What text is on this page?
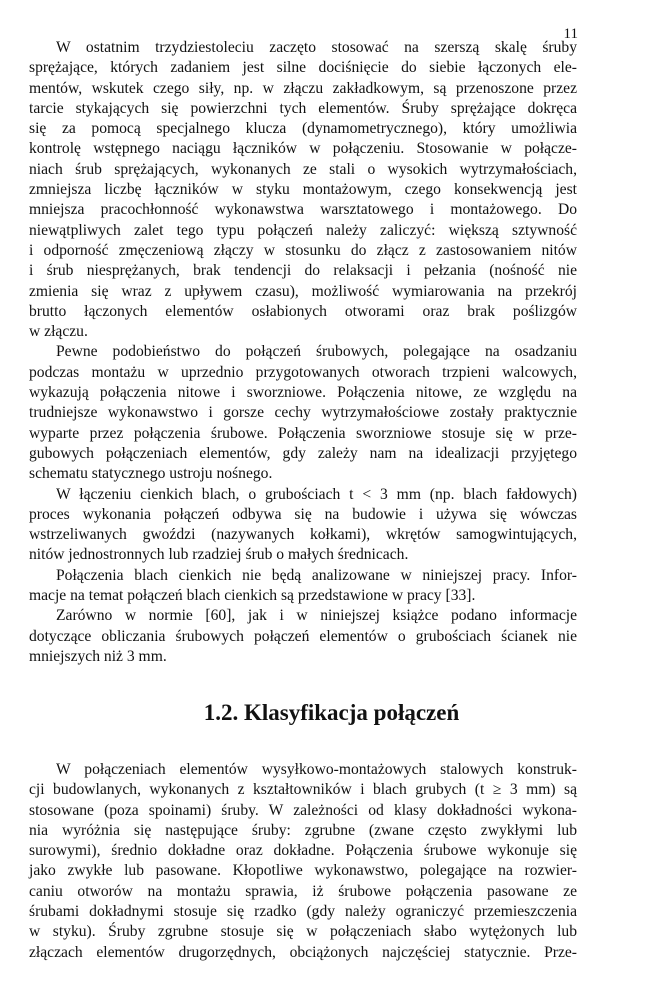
11
W ostatnim trzydziestoleciu zaczęto stosować na szerszą skalę śruby
sprężające, których zadaniem jest silne dociśnięcie do siebie łączonych ele-
mentów, wskutek czego siły, np. w złączu zakładkowym, są przenoszone przez
tarcie stykających się powierzchni tych elementów. Śruby sprężające dokręca
się za pomocą specjalnego klucza (dynamometrycznego), który umożliwia
kontrolę wstępnego naciągu łączników w połączeniu. Stosowanie w połącze-
niach śrub sprężających, wykonanych ze stali o wysokich wytrzymałościach,
zmniejsza liczbę łączników w styku montażowym, czego konsekwencją jest
mniejsza pracochłonność wykonawstwa warsztatowego i montażowego. Do
niewątpliwych zalet tego typu połączeń należy zaliczyć: większą sztywność
i odporność zmęczeniową złączy w stosunku do złącz z zastosowaniem nitów
i śrub niesprężanych, brak tendencji do relaksacji i pełzania (nośność nie
zmienia się wraz z upływem czasu), możliwość wymiarowania na przekrój
brutto łączonych elementów osłabionych otworami oraz brak poślizgów
w złączu.
Pewne podobieństwo do połączeń śrubowych, polegające na osadzaniu
podczas montażu w uprzednio przygotowanych otworach trzpieni walcowych,
wykazują połączenia nitowe i sworzniowe. Połączenia nitowe, ze względu na
trudniejsze wykonawstwo i gorsze cechy wytrzymałościowe zostały praktycznie
wyparte przez połączenia śrubowe. Połączenia sworzniowe stosuje się w prze-
gubowych połączeniach elementów, gdy zależy nam na idealizacji przyjętego
schematu statycznego ustroju nośnego.
W łączeniu cienkich blach, o grubościach t < 3 mm (np. blach fałdowych)
proces wykonania połączeń odbywa się na budowie i używa się wówczas
wstrzeliwanych gwoździ (nazywanych kołkami), wkrętów samogwintujących,
nitów jednostronnych lub rzadziej śrub o małych średnicach.
Połączenia blach cienkich nie będą analizowane w niniejszej pracy. Infor-
macje na temat połączeń blach cienkich są przedstawione w pracy [33].
Zarówno w normie [60], jak i w niniejszej książce podano informacje
dotyczące obliczania śrubowych połączeń elementów o grubościach ścianek nie
mniejszych niż 3 mm.
1.2. Klasyfikacja połączeń
W połączeniach elementów wysyłkowo-montażowych stalowych konstruk-
cji budowlanych, wykonanych z kształtowników i blach grubych (t ≥ 3 mm) są
stosowane (poza spoinami) śruby. W zależności od klasy dokładności wykona-
nia wyróżnia się następujące śruby: zgrubne (zwane często zwykłymi lub
surowymi), średnio dokładne oraz dokładne. Połączenia śrubowe wykonuje się
jako zwykłe lub pasowane. Kłopotliwe wykonawstwo, polegające na rozwier-
caniu otworów na montażu sprawia, iż śrubowe połączenia pasowane ze
śrubami dokładnymi stosuje się rzadko (gdy należy ograniczyć przemieszczenia
w styku). Śruby zgrubne stosuje się w połączeniach słabo wytężonych lub
złączach elementów drugorzędnych, obciążonych najczęściej statycznie. Prze-
